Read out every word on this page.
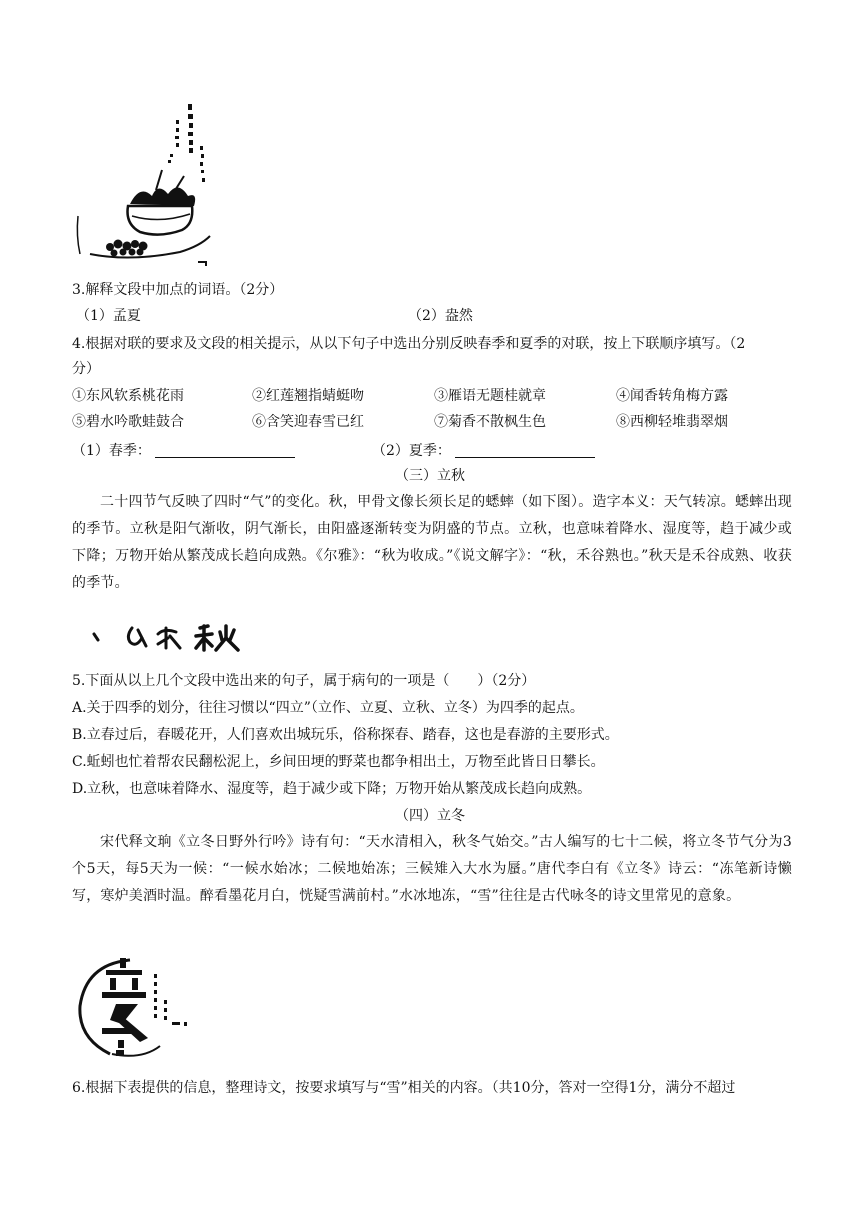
3.解释文段中加点的词语。（2分）
（1）孟夏	（2）盎然
4.根据对联的要求及文段的相关提示，从以下句子中选出分别反映春季和夏季的对联，按上下联顺序填写。（2
分）
①东风软系桃花雨	②红莲翘指蜻蜓吻	③雁语无题桂就章	④闻香转角梅方露
⑤碧水吟歌蛙鼓合	⑥含笑迎春雪已红	⑦菊香不散枫生色	⑧西柳轻堆翡翠烟
（1）春季：	（2）夏季：
（三）立秋
二十四节气反映了四时“气”的变化。秋，甲骨文像长须长足的蟋蟀（如下图）。造字本义：天气转凉。蟋蟀出现的季节。立秋是阳气渐收，阴气渐长，由阳盛逐渐转变为阴盛的节点。立秋，也意味着降水、湿度等，趋于减少或下降；万物开始从繁茂成长趋向成熟。《尔雅》：“秋为收成。”《说文解字》：“秋，禾谷熟也。”秋天是禾谷成熟、收获的季节。
5.下面从以上几个文段中选出来的句子，属于病句的一项是（　　）（2分）
A.关于四季的划分，往往习惯以“四立”（立作、立夏、立秋、立冬）为四季的起点。
B.立春过后，春暖花开，人们喜欢出城玩乐，俗称探春、踏春，这也是春游的主要形式。
C.蚯蚓也忙着帮农民翻松泥上，乡间田埂的野菜也都争相出土，万物至此皆日日攀长。
D.立秋，也意味着降水、湿度等，趋于减少或下降；万物开始从繁茂成长趋向成熟。
（四）立冬
宋代释文珦《立冬日野外行吟》诗有句：“天水清相入，秋冬气始交。”古人编写的七十二候，将立冬节气分为3个5天，每5天为一候：“一候水始冰；二候地始冻；三候雉入大水为蜃。”唐代李白有《立冬》诗云：“冻笔新诗懒写，寒炉美酒时温。醉看墨花月白，恍疑雪满前村。”水冰地冻，“雪”往往是古代咏冬的诗文里常见的意象。
6.根据下表提供的信息，整理诗文，按要求填写与“雪”相关的内容。（共10分，答对一空得1分，满分不超过
